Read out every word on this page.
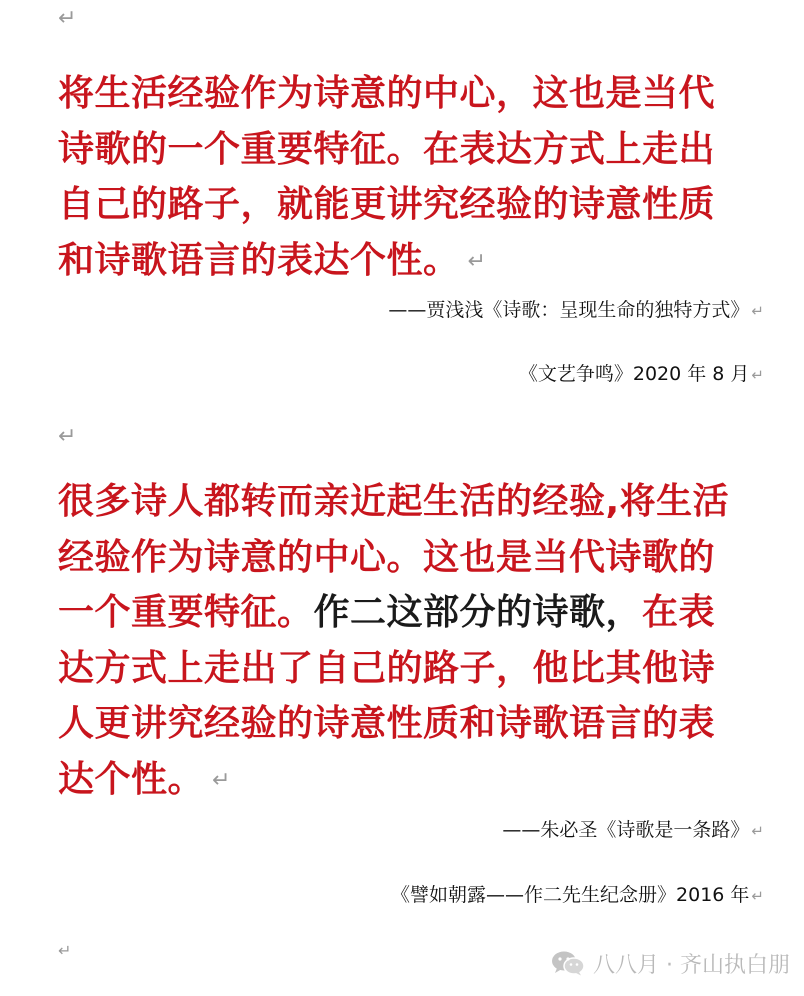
↵

将生活经验作为诗意的中心，这也是当代诗歌的一个重要特征。在表达方式上走出自己的路子，就能更讲究经验的诗意性质和诗歌语言的表达个性。 ↵

——贾浅浅《诗歌：呈现生命的独特方式》 ↵
《文艺争鸣》2020 年 8 月 ↵
↵

很多诗人都转而亲近起生活的经验,将生活经验作为诗意的中心。这也是当代诗歌的一个重要特征。作二这部分的诗歌，在表达方式上走出了自己的路子，他比其他诗人更讲究经验的诗意性质和诗歌语言的表达个性。 ↵

——朱必圣《诗歌是一条路》 ↵
《譬如朝露——作二先生纪念册》2016 年 ↵
↵
八八月 · 齐山执白朋
